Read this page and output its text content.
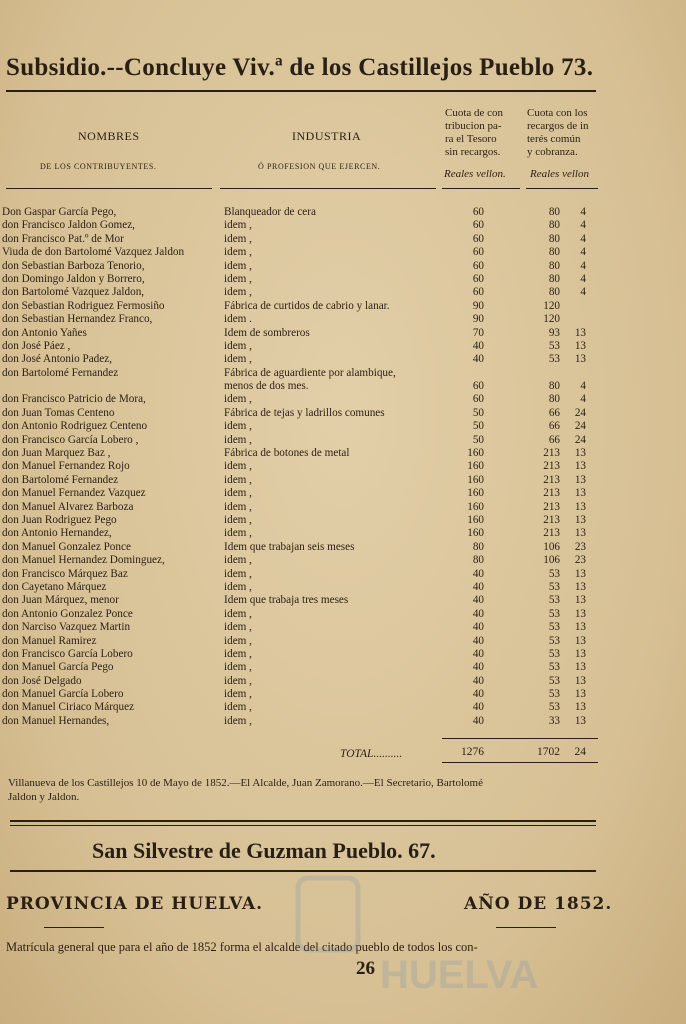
Subsidio.--Concluye Viv.ª de los Castillejos Pueblo 73.
NOMBRES
DE LOS CONTRIBUYENTES.
INDUSTRIA
Ó PROFESION QUE EJERCEN.
Cuota de con
tribucion pa-
ra el Tesoro
sin recargos.
Reales vellon.
Cuota con los
recargos de in
terés común
y cobranza.
Reales vellon
Don Gaspar García Pego,	Blanqueador de cera	60	80	4
don Francisco Jaldon Gomez,	idem ,	60	80	4
don Francisco Pat.º de Mor	idem ,	60	80	4
Viuda de don Bartolomé Vazquez Jaldon	idem ,	60	80	4
don Sebastian Barboza Tenorio,	idem ,	60	80	4
don Domingo Jaldon y Borrero,	idem ,	60	80	4
don Bartolomé Vazquez Jaldon,	idem ,	60	80	4
don Sebastian Rodriguez Fermosiño	Fábrica de curtidos de cabrio y lanar.	90	120
don Sebastian Hernandez Franco,	idem .	90	120
don Antonio Yañes	Idem de sombreros	70	93	13
don José Páez ,	idem ,	40	53	13
don José Antonio Padez,	idem ,	40	53	13
don Bartolomé Fernandez	Fábrica de aguardiente por alambique,
menos de dos mes.	60	80	4
don Francisco Patricio de Mora,	idem ,	60	80	4
don Juan Tomas Centeno	Fábrica de tejas y ladrillos comunes	50	66	24
don Antonio Rodriguez Centeno	idem ,	50	66	24
don Francisco García Lobero ,	idem ,	50	66	24
don Juan Marquez Baz ,	Fábrica de botones de metal	160	213	13
don Manuel Fernandez Rojo	idem ,	160	213	13
don Bartolomé Fernandez	idem ,	160	213	13
don Manuel Fernandez Vazquez	idem ,	160	213	13
don Manuel Alvarez Barboza	idem ,	160	213	13
don Juan Rodriguez Pego	idem ,	160	213	13
don Antonio Hernandez,	idem ,	160	213	13
don Manuel Gonzalez Ponce	Idem que trabajan seis meses	80	106	23
don Manuel Hernandez Dominguez,	idem ,	80	106	23
don Francisco Márquez Baz	idem ,	40	53	13
don Cayetano Márquez	idem ,	40	53	13
don Juan Márquez, menor	Idem que trabaja tres meses	40	53	13
don Antonio Gonzalez Ponce	idem ,	40	53	13
don Narciso Vazquez Martin	idem ,	40	53	13
don Manuel Ramirez	idem ,	40	53	13
don Francisco García Lobero	idem ,	40	53	13
don Manuel García Pego	idem ,	40	53	13
don José Delgado	idem ,	40	53	13
don Manuel García Lobero	idem ,	40	53	13
don Manuel Ciriaco Márquez	idem ,	40	53	13
don Manuel Hernandes,	idem ,	40	33	13
TOTAL..........	1276	1702	24
Villanueva de los Castillejos 10 de Mayo de 1852.—El Alcalde, Juan Zamorano.—El Secretario, Bartolomé
Jaldon y Jaldon.
San Silvestre de Guzman Pueblo. 67.
PROVINCIA DE HUELVA.	AÑO DE 1852.
Matrícula general que para el año de 1852 forma el alcalde del citado pueblo de todos los con-
26 HUELVA
